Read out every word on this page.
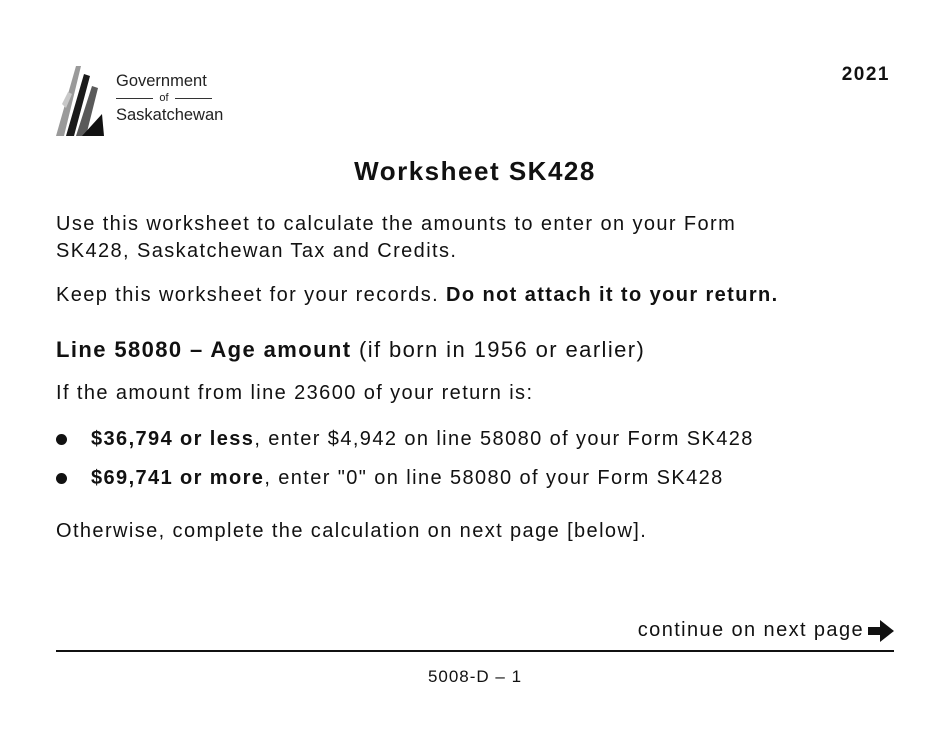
Government
of
Saskatchewan
2021
Worksheet SK428
Use this worksheet to calculate the amounts to enter on your Form
SK428, Saskatchewan Tax and Credits.
Keep this worksheet for your records. Do not attach it to your return.
Line 58080 – Age amount (if born in 1956 or earlier)
If the amount from line 23600 of your return is:
$36,794 or less, enter $4,942 on line 58080 of your Form SK428
$69,741 or more, enter "0" on line 58080 of your Form SK428
Otherwise, complete the calculation on next page [below].
continue on next page
5008-D – 1
